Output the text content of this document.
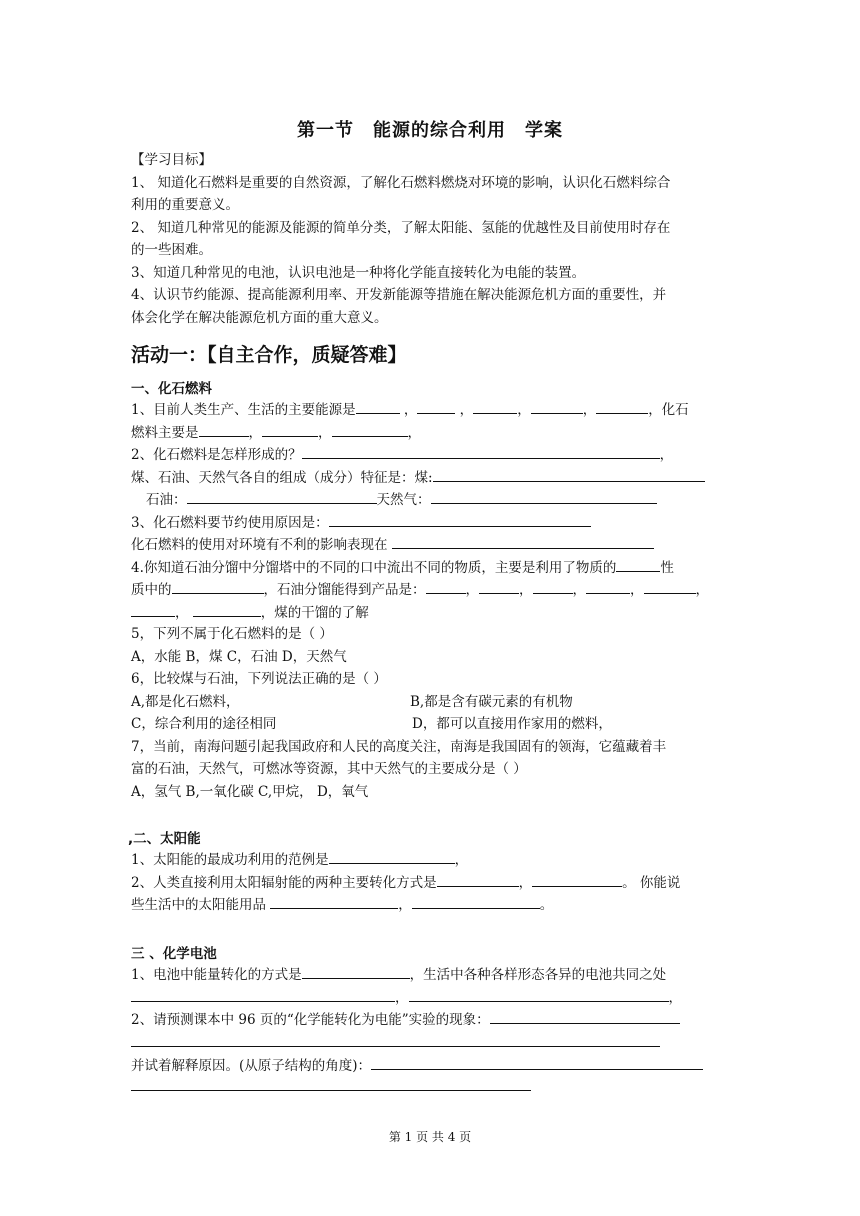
第一节　能源的综合利用　学案
【学习目标】
1、 知道化石燃料是重要的自然资源，了解化石燃料燃烧对环境的影响，认识化石燃料综合
利用的重要意义。
2、 知道几种常见的能源及能源的简单分类，了解太阳能、氢能的优越性及目前使用时存在
的一些困难。
3、知道几种常见的电池，认识电池是一种将化学能直接转化为电能的装置。
4、认识节约能源、提高能源利用率、开发新能源等措施在解决能源危机方面的重要性，并
体会化学在解决能源危机方面的重大意义。
活动一：【自主合作，质疑答难】
一、化石燃料
1、目前人类生产、生活的主要能源是	，	，	，	，	，化石
燃料主要是	，	，	，
2、化石燃料是怎样形成的？	，
煤、石油、天然气各自的组成（成分）特征是：煤:
石油：	天然气：
3、化石燃料要节约使用原因是：
化石燃料的使用对环境有不利的影响表现在
4.你知道石油分馏中分馏塔中的不同的口中流出不同的物质，主要是利用了物质的	性
质中的	，石油分馏能得到产品是：	，	，	，	，	，
，	，煤的干馏的了解
5，下列不属于化石燃料的是（ ）
A，水能 B，煤 C，石油 D，天然气
6，比较煤与石油，下列说法正确的是（ ）
A,都是化石燃料，	B,都是含有碳元素的有机物
C，综合利用的途径相同	D，都可以直接用作家用的燃料，
7，当前，南海问题引起我国政府和人民的高度关注，南海是我国固有的领海，它蕴藏着丰
富的石油，天然气，可燃冰等资源，其中天然气的主要成分是（ ）
A，氢气 B,一氧化碳 C,甲烷， D，氧气
,二、太阳能
1、太阳能的最成功利用的范例是	，
2、人类直接利用太阳辐射能的两种主要转化方式是	，	。 你能说
些生活中的太阳能用品	，	。
三 、化学电池
1、电池中能量转化的方式是	，生活中各种各样形态各异的电池共同之处
，	，
2、请预测课本中 96 页的“化学能转化为电能”实验的现象：
并试着解释原因。(从原子结构的角度)：
第 1 页 共 4 页
